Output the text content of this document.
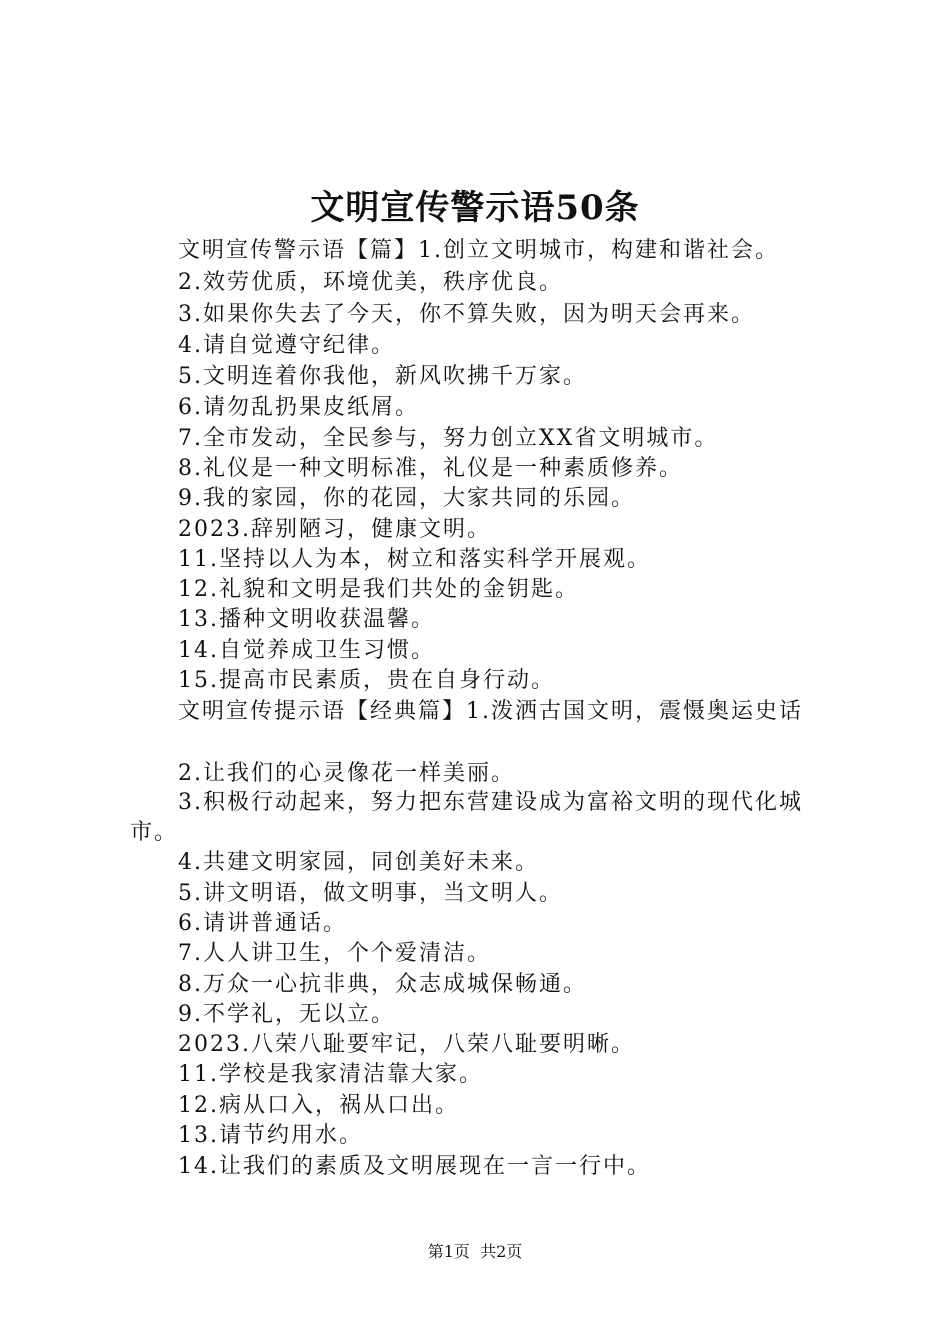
文明宣传警示语50条
文明宣传警示语【篇】1.创立文明城市，构建和谐社会。
2.效劳优质，环境优美，秩序优良。
3.如果你失去了今天，你不算失败，因为明天会再来。
4.请自觉遵守纪律。
5.文明连着你我他，新风吹拂千万家。
6.请勿乱扔果皮纸屑。
7.全市发动，全民参与，努力创立XX省文明城市。
8.礼仪是一种文明标准，礼仪是一种素质修养。
9.我的家园，你的花园，大家共同的乐园。
2023.辞别陋习，健康文明。
11.坚持以人为本，树立和落实科学开展观。
12.礼貌和文明是我们共处的金钥匙。
13.播种文明收获温馨。
14.自觉养成卫生习惯。
15.提高市民素质，贵在自身行动。
文明宣传提示语【经典篇】1.泼洒古国文明，震慑奥运史话
2.让我们的心灵像花一样美丽。
3.积极行动起来，努力把东营建设成为富裕文明的现代化城
市。
4.共建文明家园，同创美好未来。
5.讲文明语，做文明事，当文明人。
6.请讲普通话。
7.人人讲卫生，个个爱清洁。
8.万众一心抗非典，众志成城保畅通。
9.不学礼，无以立。
2023.八荣八耻要牢记，八荣八耻要明晰。
11.学校是我家清洁靠大家。
12.病从口入，祸从口出。
13.请节约用水。
14.让我们的素质及文明展现在一言一行中。
第1页  共2页
